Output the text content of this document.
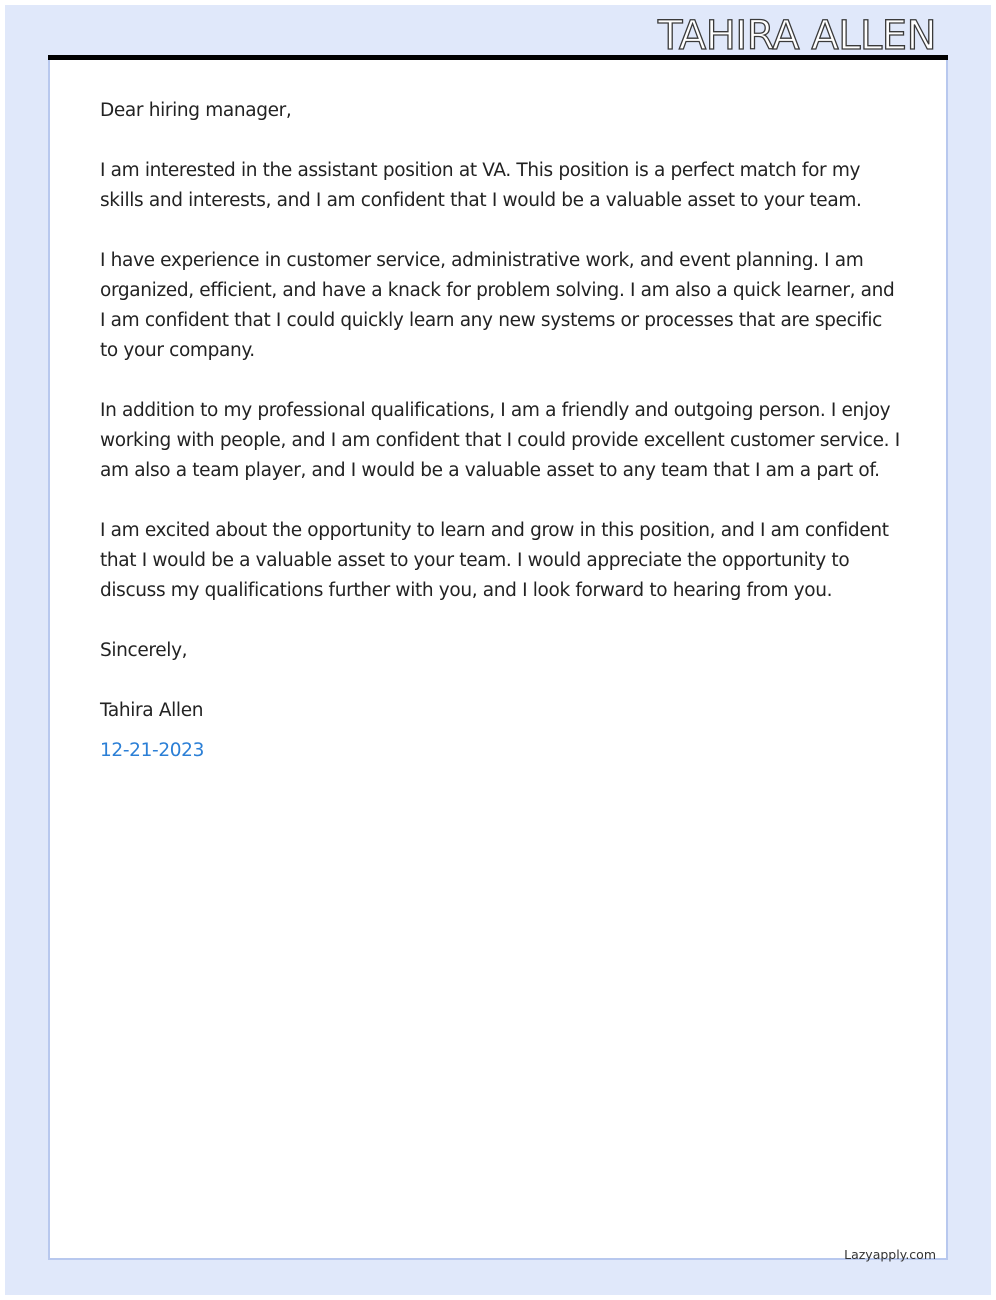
TAHIRA ALLEN

Dear hiring manager,

I am interested in the assistant position at VA. This position is a perfect match for my skills and interests, and I am confident that I would be a valuable asset to your team.

I have experience in customer service, administrative work, and event planning. I am organized, efficient, and have a knack for problem solving. I am also a quick learner, and I am confident that I could quickly learn any new systems or processes that are specific to your company.

In addition to my professional qualifications, I am a friendly and outgoing person. I enjoy working with people, and I am confident that I could provide excellent customer service. I am also a team player, and I would be a valuable asset to any team that I am a part of.

I am excited about the opportunity to learn and grow in this position, and I am confident that I would be a valuable asset to your team. I would appreciate the opportunity to discuss my qualifications further with you, and I look forward to hearing from you.

Sincerely,

Tahira Allen

12-21-2023

Lazyapply.com
